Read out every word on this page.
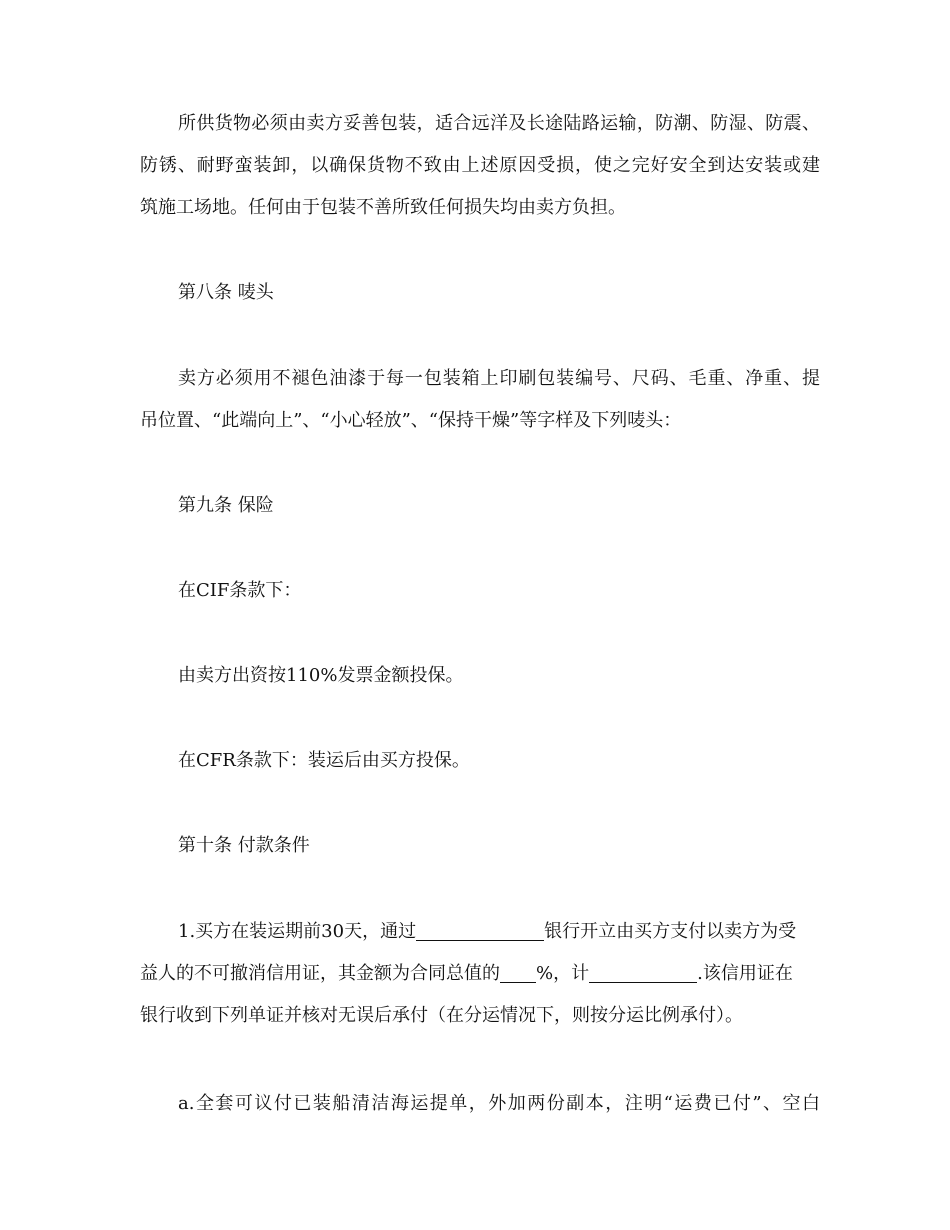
所供货物必须由卖方妥善包装，适合远洋及长途陆路运输，防潮、防湿、防震、
防锈、耐野蛮装卸，以确保货物不致由上述原因受损，使之完好安全到达安装或建
筑施工场地。任何由于包装不善所致任何损失均由卖方负担。
第八条 唛头
卖方必须用不褪色油漆于每一包装箱上印刷包装编号、尺码、毛重、净重、提
吊位置、“此端向上”、“小心轻放”、“保持干燥”等字样及下列唛头：
第九条 保险
在CIF条款下：
由卖方出资按110%发票金额投保。
在CFR条款下：装运后由买方投保。
第十条 付款条件
1.买方在装运期前30天，通过	银行开立由买方支付以卖方为受
益人的不可撤消信用证，其金额为合同总值的 %，计	.该信用证在
银行收到下列单证并核对无误后承付（在分运情况下，则按分运比例承付）。
a.全套可议付已装船清洁海运提单，外加两份副本，注明“运费已付”、空白
